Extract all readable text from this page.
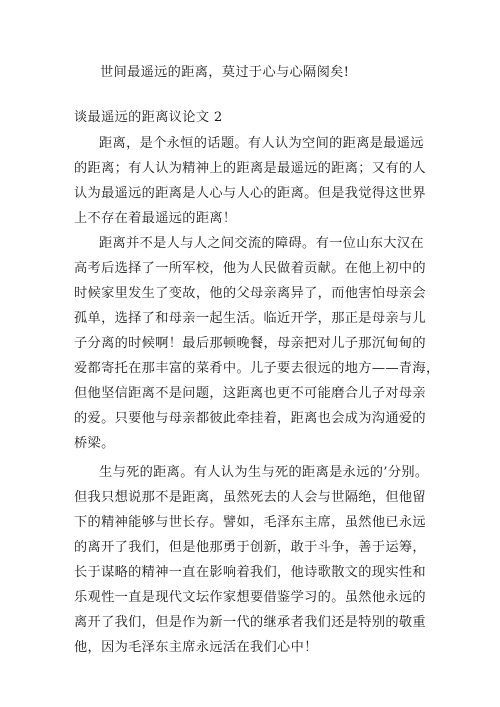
世间最遥远的距离，莫过于心与心隔阂矣!
谈最遥远的距离议论文 2
距离，是个永恒的话题。有人认为空间的距离是最遥远
的距离；有人认为精神上的距离是最遥远的距离；又有的人
认为最遥远的距离是人心与人心的距离。但是我觉得这世界
上不存在着最遥远的距离！
距离并不是人与人之间交流的障碍。有一位山东大汉在
高考后选择了一所军校，他为人民做着贡献。在他上初中的
时候家里发生了变故，他的父母亲离异了，而他害怕母亲会
孤单，选择了和母亲一起生活。临近开学，那正是母亲与儿
子分离的时候啊！最后那顿晚餐，母亲把对儿子那沉甸甸的
爱都寄托在那丰富的菜肴中。儿子要去很远的地方——青海，
但他坚信距离不是问题，这距离也更不可能磨合儿子对母亲
的爱。只要他与母亲都彼此牵挂着，距离也会成为沟通爱的
桥梁。
生与死的距离。有人认为生与死的距离是永远的’分别。
但我只想说那不是距离，虽然死去的人会与世隔绝，但他留
下的精神能够与世长存。譬如，毛泽东主席，虽然他已永远
的离开了我们，但是他那勇于创新，敢于斗争，善于运筹，
长于谋略的精神一直在影响着我们，他诗歌散文的现实性和
乐观性一直是现代文坛作家想要借鉴学习的。虽然他永远的
离开了我们，但是作为新一代的继承者我们还是特别的敬重
他，因为毛泽东主席永远活在我们心中！
